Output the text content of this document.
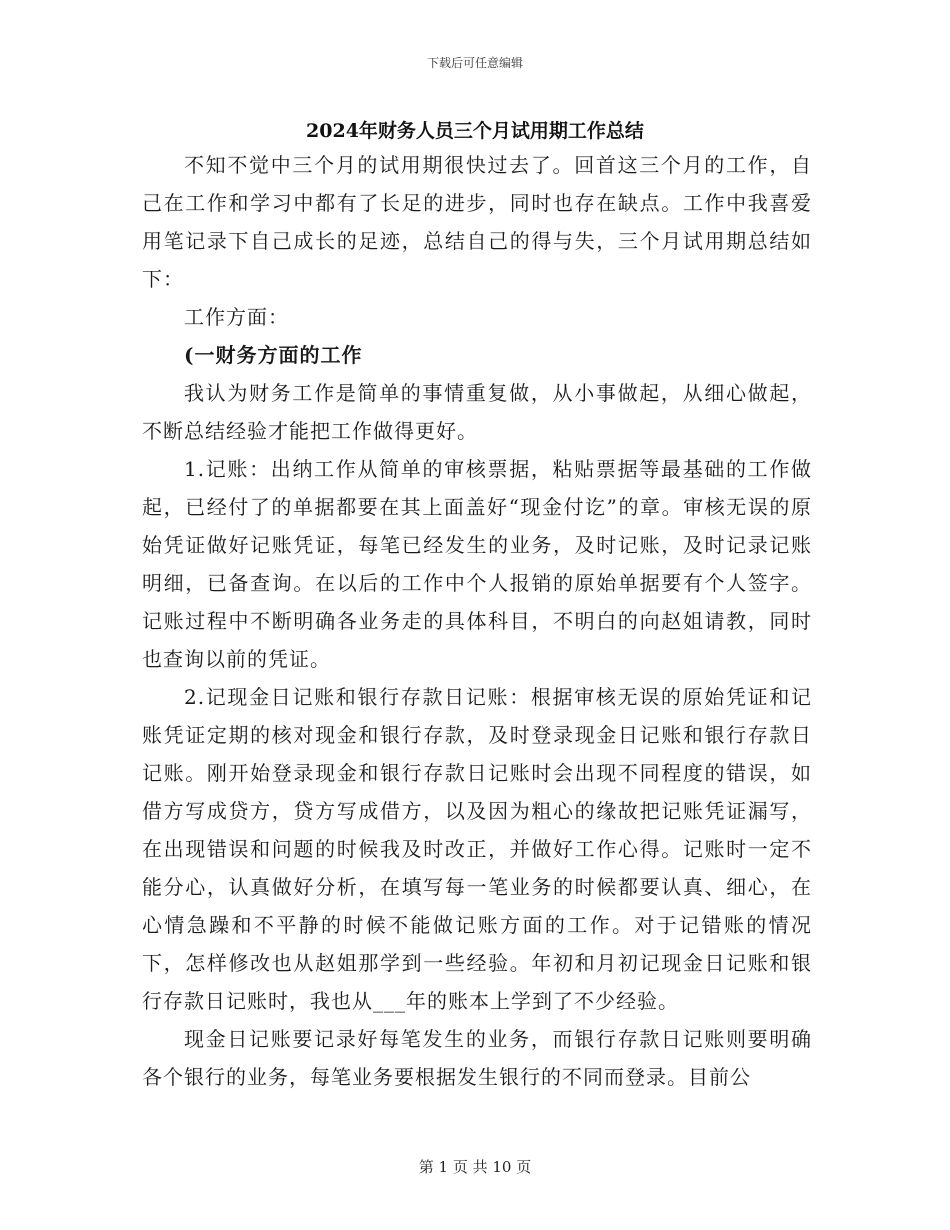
下载后可任意编辑
2024年财务人员三个月试用期工作总结

不知不觉中三个月的试用期很快过去了。回首这三个月的工作，自己在工作和学习中都有了长足的进步，同时也存在缺点。工作中我喜爱用笔记录下自己成长的足迹，总结自己的得与失，三个月试用期总结如下：

工作方面：

(一财务方面的工作

我认为财务工作是简单的事情重复做，从小事做起，从细心做起，不断总结经验才能把工作做得更好。

1.记账：出纳工作从简单的审核票据，粘贴票据等最基础的工作做起，已经付了的单据都要在其上面盖好“现金付讫”的章。审核无误的原始凭证做好记账凭证，每笔已经发生的业务，及时记账，及时记录记账明细，已备查询。在以后的工作中个人报销的原始单据要有个人签字。记账过程中不断明确各业务走的具体科目，不明白的向赵姐请教，同时也查询以前的凭证。

2.记现金日记账和银行存款日记账：根据审核无误的原始凭证和记账凭证定期的核对现金和银行存款，及时登录现金日记账和银行存款日记账。刚开始登录现金和银行存款日记账时会出现不同程度的错误，如借方写成贷方，贷方写成借方，以及因为粗心的缘故把记账凭证漏写，在出现错误和问题的时候我及时改正，并做好工作心得。记账时一定不能分心，认真做好分析，在填写每一笔业务的时候都要认真、细心，在心情急躁和不平静的时候不能做记账方面的工作。对于记错账的情况下，怎样修改也从赵姐那学到一些经验。年初和月初记现金日记账和银行存款日记账时，我也从___年的账本上学到了不少经验。

现金日记账要记录好每笔发生的业务，而银行存款日记账则要明确各个银行的业务，每笔业务要根据发生银行的不同而登录。目前公

第 1 页 共 10 页
